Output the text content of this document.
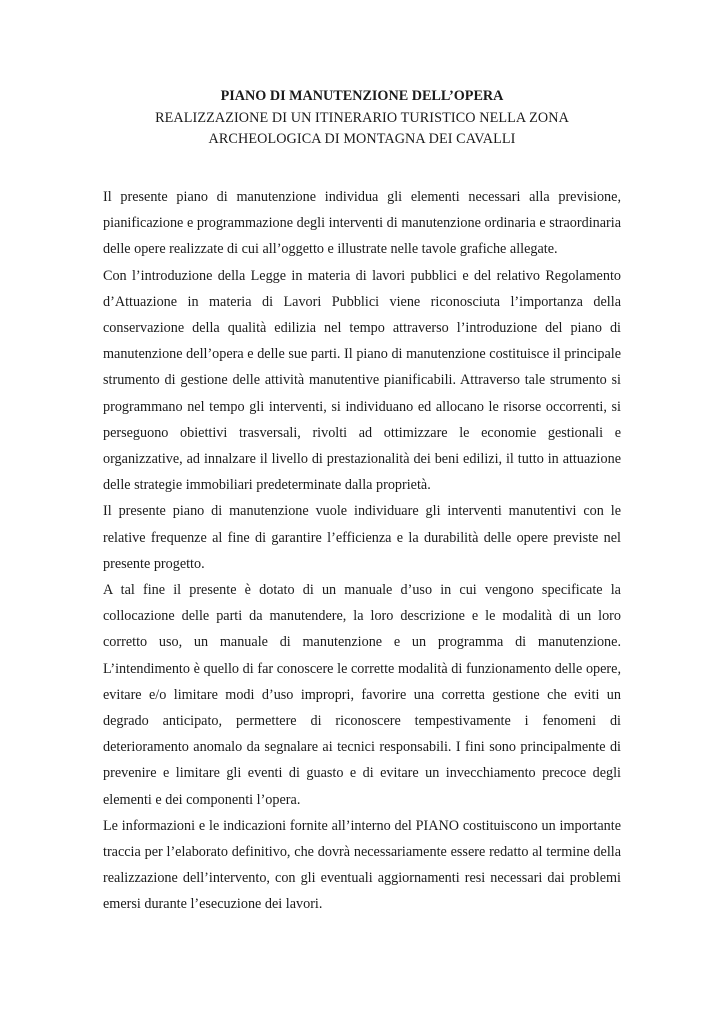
PIANO DI MANUTENZIONE DELL’OPERA
REALIZZAZIONE DI UN ITINERARIO TURISTICO NELLA ZONA
ARCHEOLOGICA DI MONTAGNA DEI CAVALLI

Il presente piano di manutenzione individua gli elementi necessari alla previsione, pianificazione e programmazione degli interventi di manutenzione ordinaria e straordinaria delle opere realizzate di cui all’oggetto e illustrate nelle tavole grafiche allegate.

Con l’introduzione della Legge in materia di lavori pubblici e del relativo Regolamento d’Attuazione in materia di Lavori Pubblici viene riconosciuta l’importanza della conservazione della qualità edilizia nel tempo attraverso l’introduzione del piano di manutenzione dell’opera e delle sue parti. Il piano di manutenzione costituisce il principale strumento di gestione delle attività manutentive pianificabili. Attraverso tale strumento si programmano nel tempo gli interventi, si individuano ed allocano le risorse occorrenti, si perseguono obiettivi trasversali, rivolti ad ottimizzare le economie gestionali e organizzative, ad innalzare il livello di prestazionalità dei beni edilizi, il tutto in attuazione delle strategie immobiliari predeterminate dalla proprietà.

Il presente piano di manutenzione vuole individuare gli interventi manutentivi con le relative frequenze al fine di garantire l’efficienza e la durabilità delle opere previste nel presente progetto.

A tal fine il presente è dotato di un manuale d’uso in cui vengono specificate la collocazione delle parti da manutendere, la loro descrizione e le modalità di un loro corretto uso, un manuale di manutenzione e un programma di manutenzione. L’intendimento è quello di far conoscere le corrette modalità di funzionamento delle opere, evitare e/o limitare modi d’uso impropri, favorire una corretta gestione che eviti un degrado anticipato, permettere di riconoscere tempestivamente i fenomeni di deterioramento anomalo da segnalare ai tecnici responsabili. I fini sono principalmente di prevenire e limitare gli eventi di guasto e di evitare un invecchiamento precoce degli elementi e dei componenti l’opera.

Le informazioni e le indicazioni fornite all’interno del PIANO costituiscono un importante traccia per l’elaborato definitivo, che dovrà necessariamente essere redatto al termine della realizzazione dell’intervento, con gli eventuali aggiornamenti resi necessari dai problemi emersi durante l’esecuzione dei lavori.
